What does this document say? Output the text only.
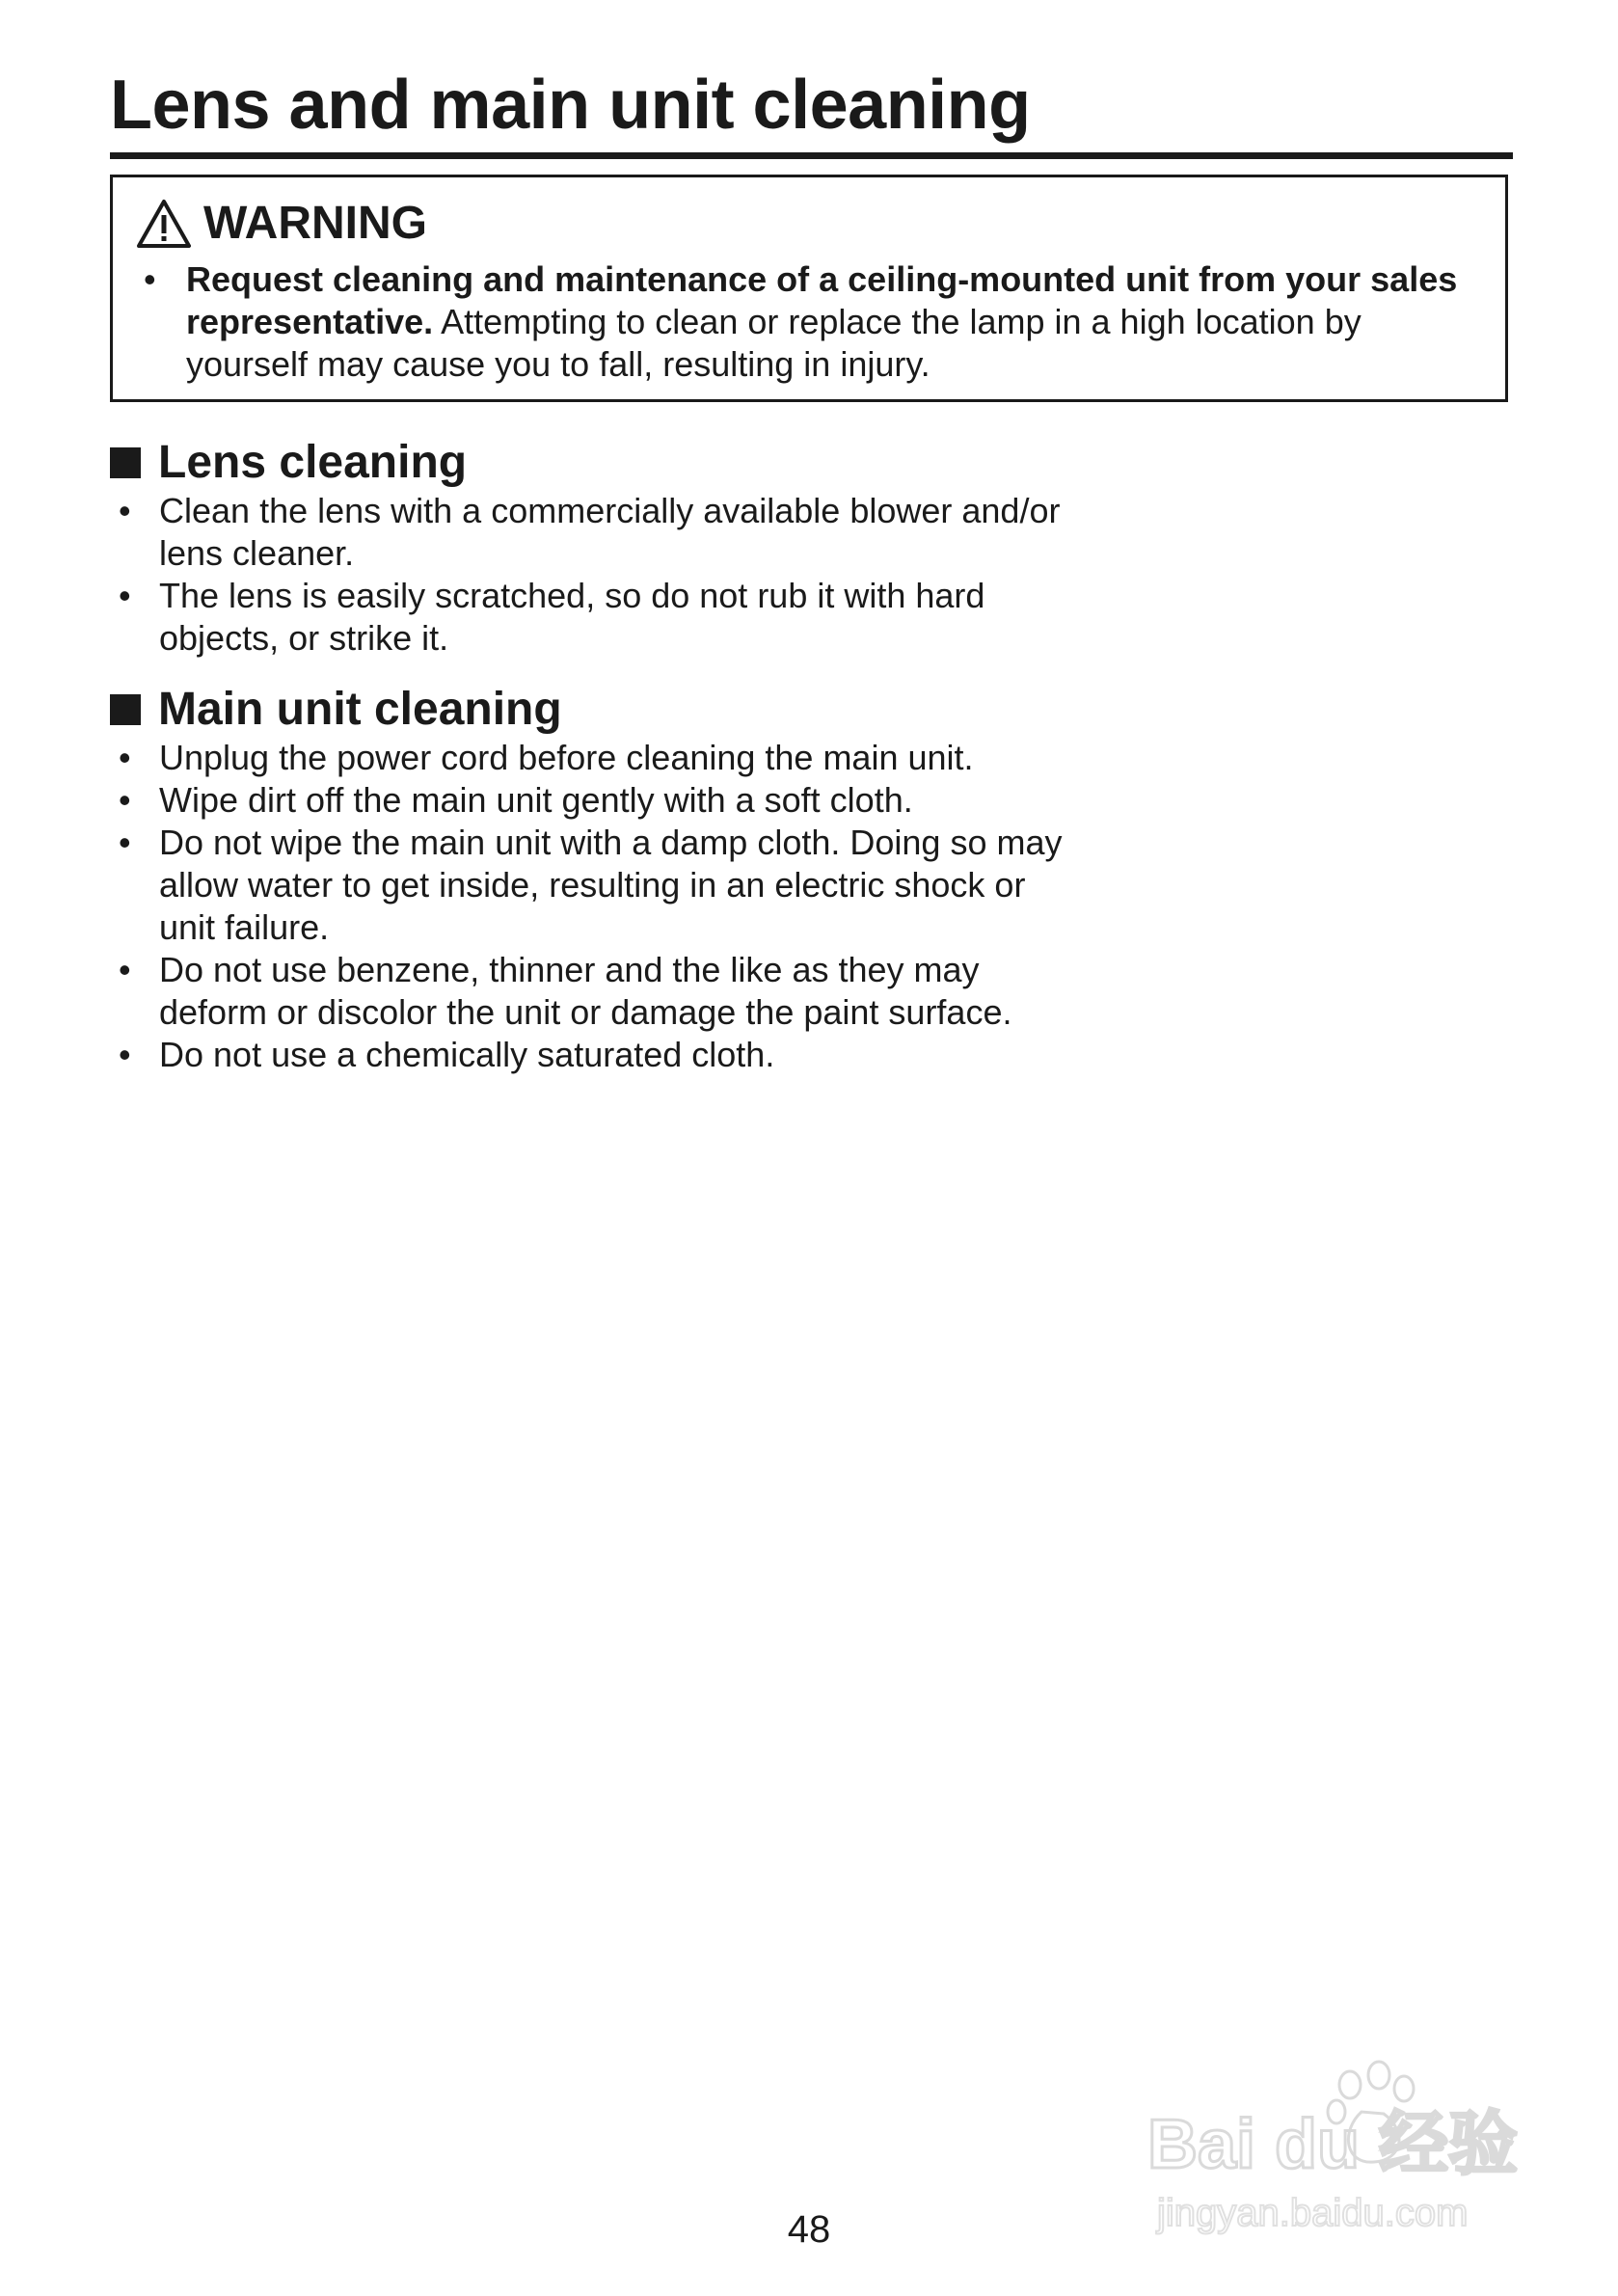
Lens and main unit cleaning
WARNING
• Request cleaning and maintenance of a ceiling-mounted unit from your sales representative. Attempting to clean or replace the lamp in a high location by yourself may cause you to fall, resulting in injury.
Lens cleaning
• Clean the lens with a commercially available blower and/or lens cleaner.
• The lens is easily scratched, so do not rub it with hard objects, or strike it.
Main unit cleaning
• Unplug the power cord before cleaning the main unit.
• Wipe dirt off the main unit gently with a soft cloth.
• Do not wipe the main unit with a damp cloth. Doing so may allow water to get inside, resulting in an electric shock or unit failure.
• Do not use benzene, thinner and the like as they may deform or discolor the unit or damage the paint surface.
• Do not use a chemically saturated cloth.
Bai du 经验
jingyan.baidu.com
48
